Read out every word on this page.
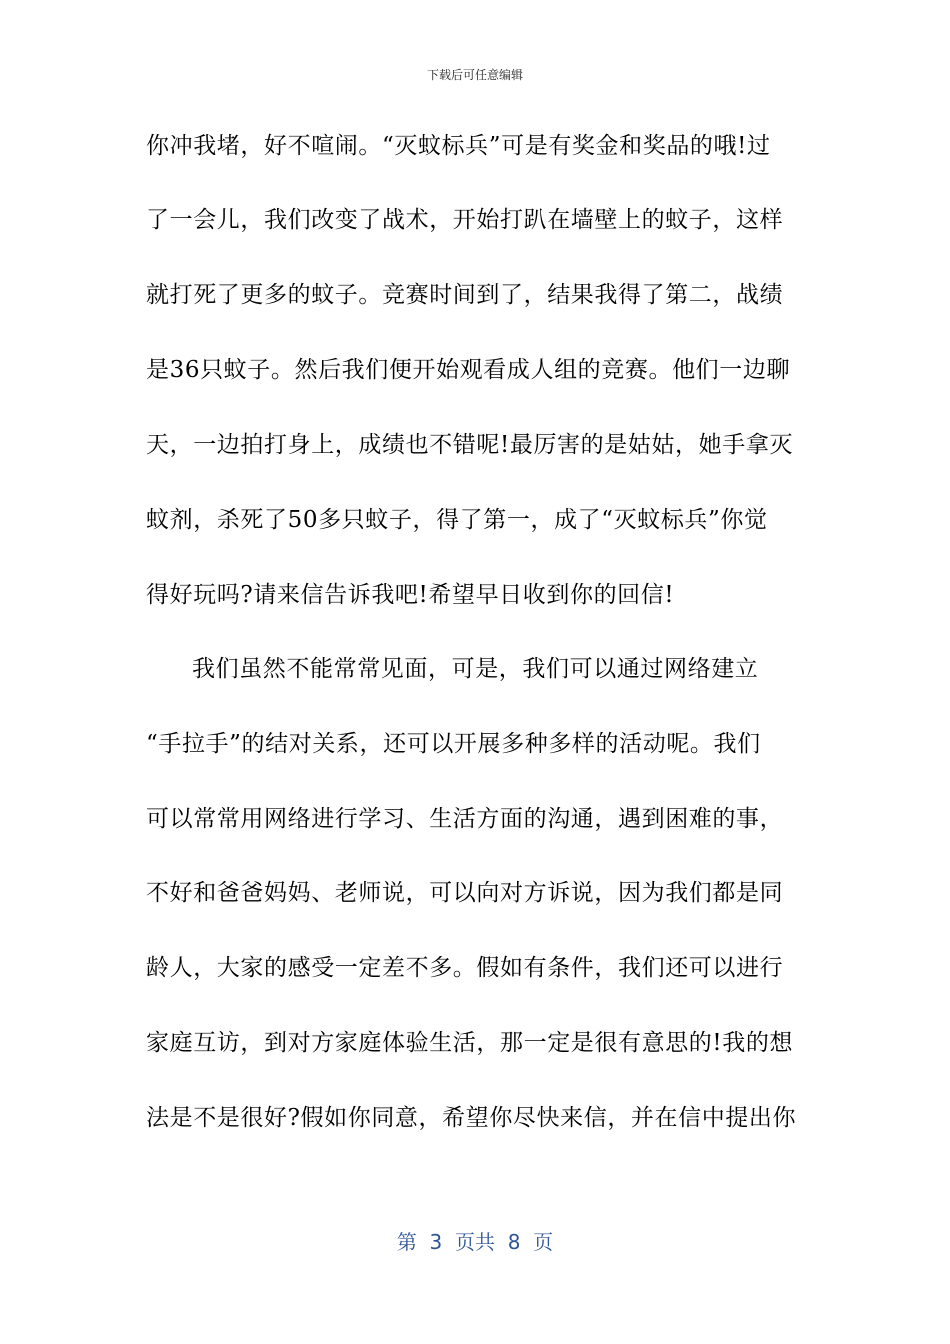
下载后可任意编辑
你冲我堵，好不喧闹。“灭蚊标兵”可是有奖金和奖品的哦!过
了一会儿，我们改变了战术，开始打趴在墙壁上的蚊子，这样
就打死了更多的蚊子。竞赛时间到了，结果我得了第二，战绩
是36只蚊子。然后我们便开始观看成人组的竞赛。他们一边聊
天，一边拍打身上，成绩也不错呢!最厉害的是姑姑，她手拿灭
蚊剂，杀死了50多只蚊子，得了第一，成了“灭蚊标兵”你觉
得好玩吗?请来信告诉我吧!希望早日收到你的回信!
我们虽然不能常常见面，可是，我们可以通过网络建立
“手拉手”的结对关系，还可以开展多种多样的活动呢。我们
可以常常用网络进行学习、生活方面的沟通，遇到困难的事，
不好和爸爸妈妈、老师说，可以向对方诉说，因为我们都是同
龄人，大家的感受一定差不多。假如有条件，我们还可以进行
家庭互访，到对方家庭体验生活，那一定是很有意思的!我的想
法是不是很好?假如你同意，希望你尽快来信，并在信中提出你
第  3  页共  8  页
